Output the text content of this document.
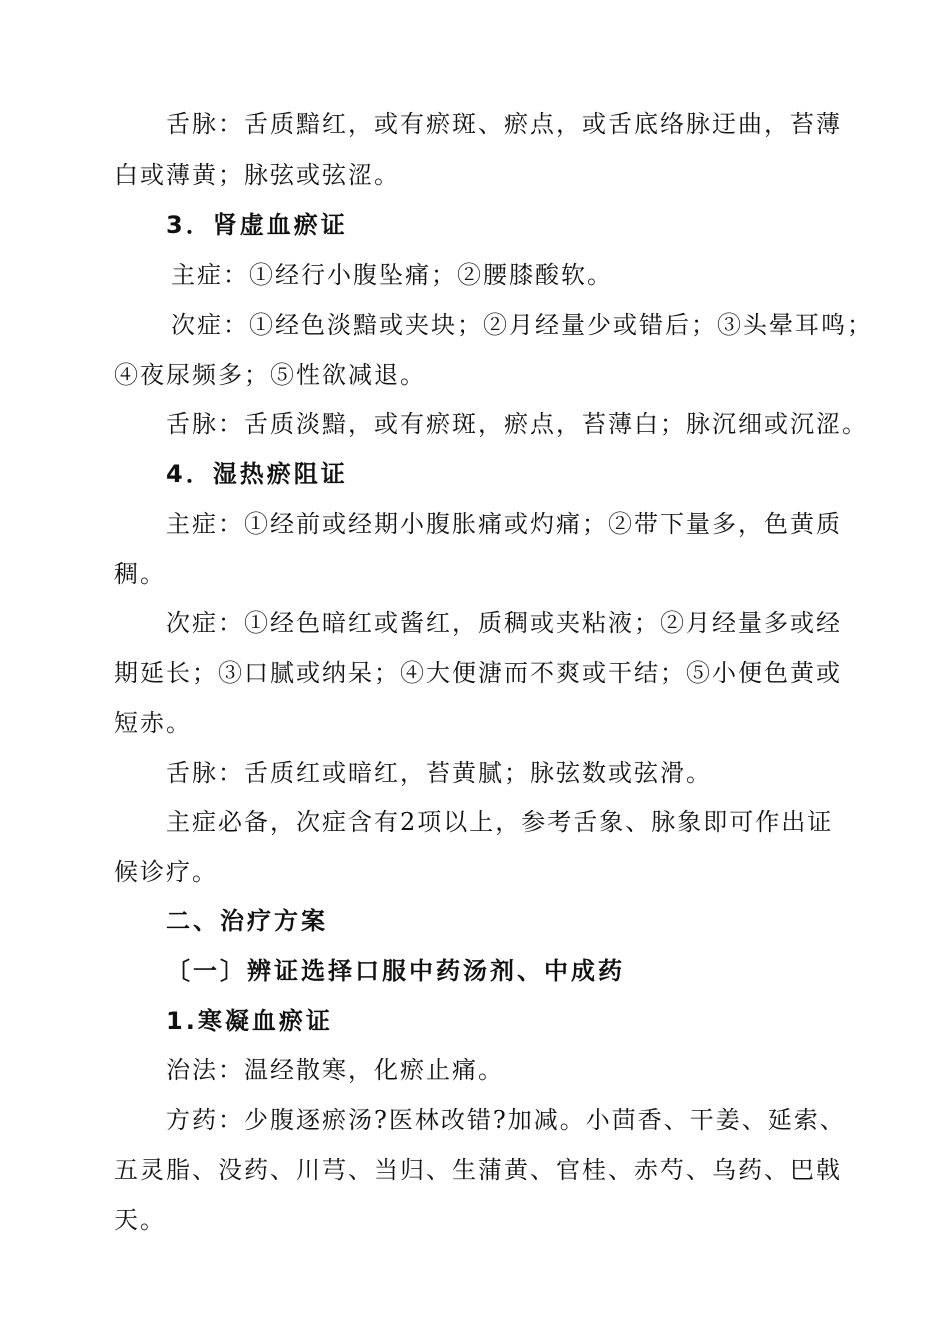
舌脉：舌质黯红，或有瘀斑、瘀点，或舌底络脉迂曲，苔薄
白或薄黄；脉弦或弦涩。
3．肾虚血瘀证
主症：①经行小腹坠痛；②腰膝酸软。
次症：①经色淡黯或夹块；②月经量少或错后；③头晕耳鸣；
④夜尿频多；⑤性欲减退。
舌脉：舌质淡黯，或有瘀斑，瘀点，苔薄白；脉沉细或沉涩。
4．湿热瘀阻证
主症：①经前或经期小腹胀痛或灼痛；②带下量多，色黄质
稠。
次症：①经色暗红或酱红，质稠或夹粘液；②月经量多或经
期延长；③口腻或纳呆；④大便溏而不爽或干结；⑤小便色黄或
短赤。
舌脉：舌质红或暗红，苔黄腻；脉弦数或弦滑。
主症必备，次症含有2项以上，参考舌象、脉象即可作出证
候诊疗。
二、治疗方案
〔一〕辨证选择口服中药汤剂、中成药
1.寒凝血瘀证
治法：温经散寒，化瘀止痛。
方药：少腹逐瘀汤?医林改错?加减。小茴香、干姜、延索、
五灵脂、没药、川芎、当归、生蒲黄、官桂、赤芍、乌药、巴戟
天。
